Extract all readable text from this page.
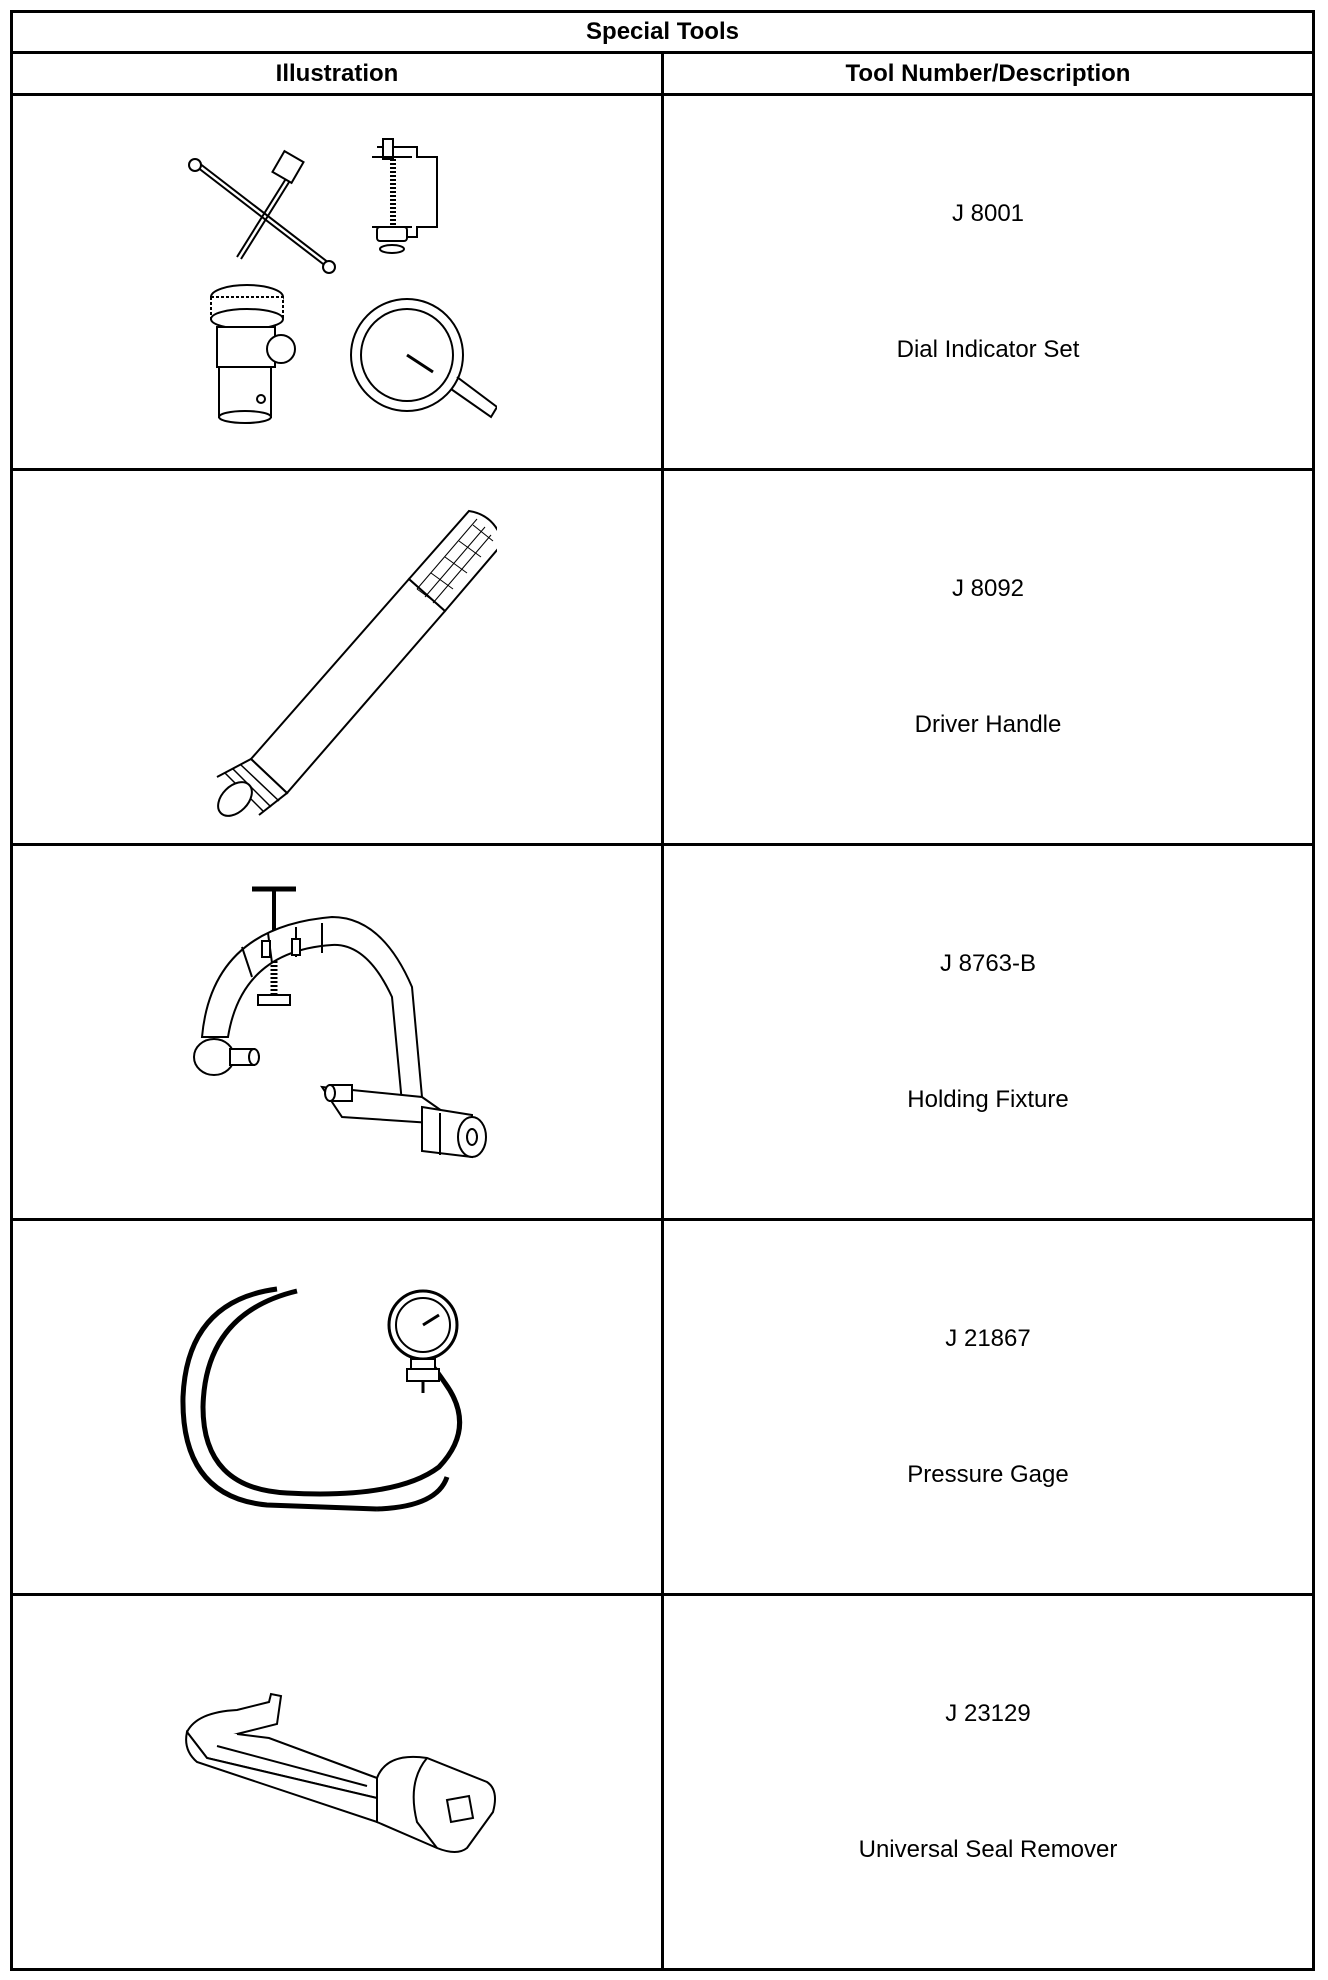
Special Tools	
Illustration	Tool Number/Description

J 8001
Dial Indicator Set

J 8092
Driver Handle

J 8763-B
Holding Fixture

J 21867
Pressure Gage

J 23129
Universal Seal Remover
